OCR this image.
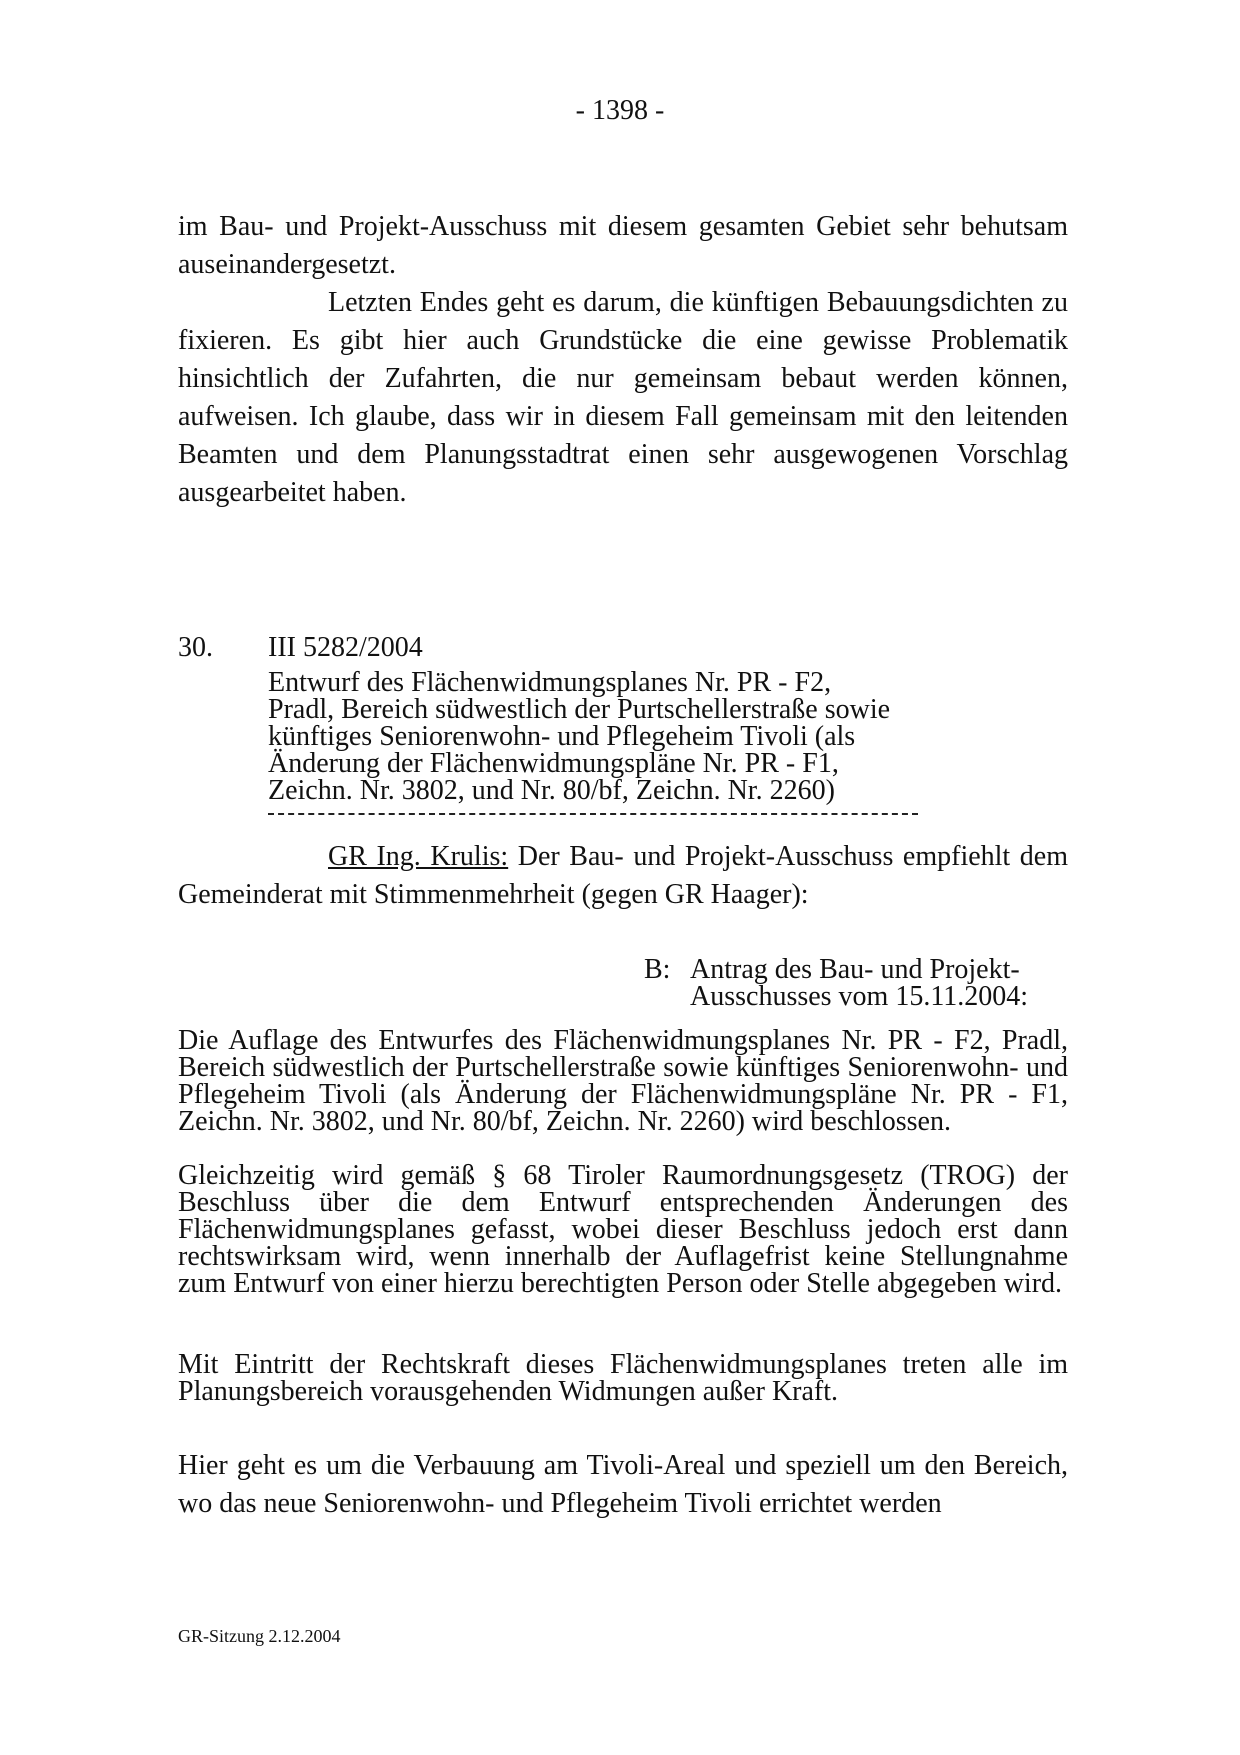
- 1398 -

im Bau- und Projekt-Ausschuss mit diesem gesamten Gebiet sehr behutsam auseinandergesetzt.

Letzten Endes geht es darum, die künftigen Bebauungsdichten zu fixieren. Es gibt hier auch Grundstücke die eine gewisse Problematik hinsichtlich der Zufahrten, die nur gemeinsam bebaut werden können, aufweisen. Ich glaube, dass wir in diesem Fall gemeinsam mit den leitenden Beamten und dem Planungsstadtrat einen sehr ausgewogenen Vorschlag ausgearbeitet haben.

30. III 5282/2004
Entwurf des Flächenwidmungsplanes Nr. PR - F2,
Pradl, Bereich südwestlich der Purtschellerstraße sowie
künftiges Seniorenwohn- und Pflegeheim Tivoli (als
Änderung der Flächenwidmungspläne Nr. PR - F1,
Zeichn. Nr. 3802, und Nr. 80/bf, Zeichn. Nr. 2260)

GR Ing. Krulis: Der Bau- und Projekt-Ausschuss empfiehlt dem Gemeinderat mit Stimmenmehrheit (gegen GR Haager):

B: Antrag des Bau- und Projekt-
Ausschusses vom 15.11.2004:

Die Auflage des Entwurfes des Flächenwidmungsplanes Nr. PR - F2, Pradl, Bereich südwestlich der Purtschellerstraße sowie künftiges Seniorenwohn- und Pflegeheim Tivoli (als Änderung der Flächenwidmungspläne Nr. PR - F1, Zeichn. Nr. 3802, und Nr. 80/bf, Zeichn. Nr. 2260) wird beschlossen.

Gleichzeitig wird gemäß § 68 Tiroler Raumordnungsgesetz (TROG) der Beschluss über die dem Entwurf entsprechenden Änderungen des Flächenwidmungsplanes gefasst, wobei dieser Beschluss jedoch erst dann rechtswirksam wird, wenn innerhalb der Auflagefrist keine Stellungnahme zum Entwurf von einer hierzu berechtigten Person oder Stelle abgegeben wird.

Mit Eintritt der Rechtskraft dieses Flächenwidmungsplanes treten alle im Planungsbereich vorausgehenden Widmungen außer Kraft.

Hier geht es um die Verbauung am Tivoli-Areal und speziell um den Bereich, wo das neue Seniorenwohn- und Pflegeheim Tivoli errichtet werden

GR-Sitzung 2.12.2004
